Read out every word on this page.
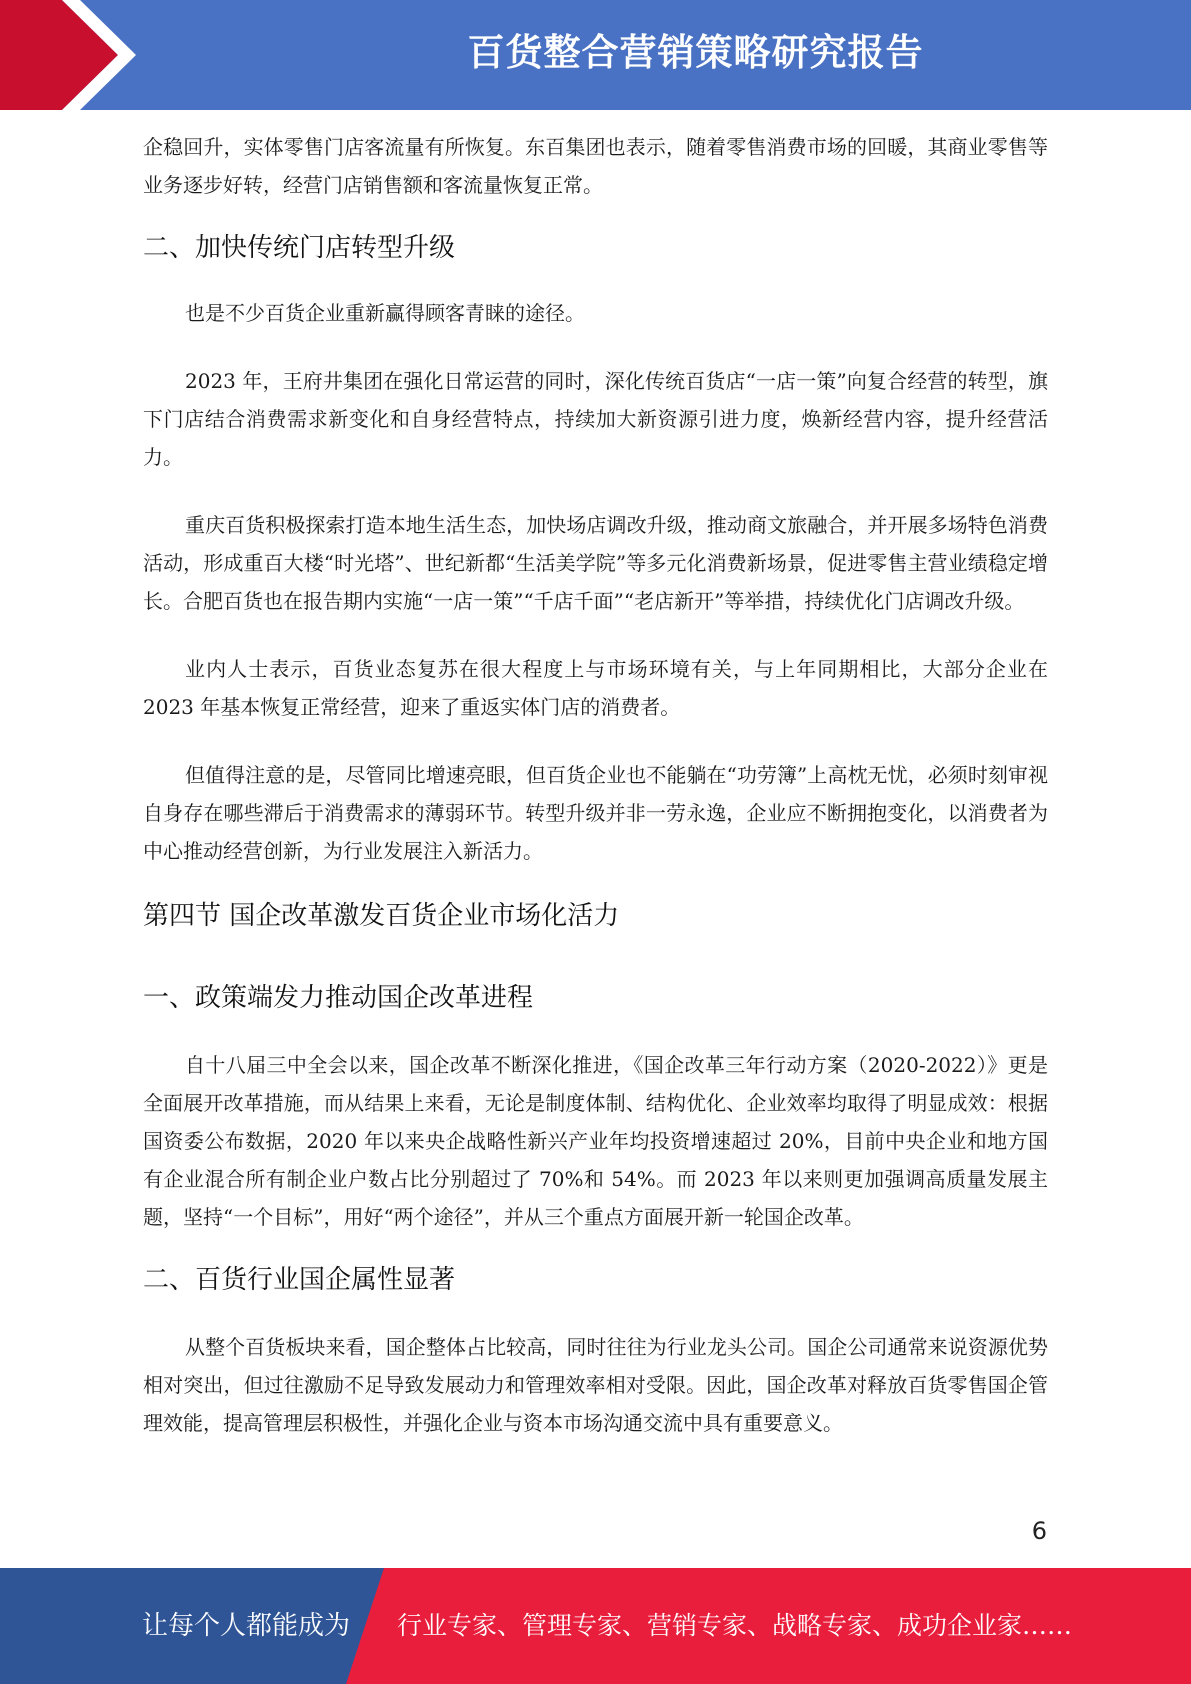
百货整合营销策略研究报告

企稳回升，实体零售门店客流量有所恢复。东百集团也表示，随着零售消费市场的回暖，其商业零售等业务逐步好转，经营门店销售额和客流量恢复正常。

二、加快传统门店转型升级

也是不少百货企业重新赢得顾客青睐的途径。

2023 年，王府井集团在强化日常运营的同时，深化传统百货店“一店一策”向复合经营的转型，旗下门店结合消费需求新变化和自身经营特点，持续加大新资源引进力度，焕新经营内容，提升经营活力。

重庆百货积极探索打造本地生活生态，加快场店调改升级，推动商文旅融合，并开展多场特色消费活动，形成重百大楼“时光塔”、世纪新都“生活美学院”等多元化消费新场景，促进零售主营业绩稳定增长。合肥百货也在报告期内实施“一店一策”“千店千面”“老店新开”等举措，持续优化门店调改升级。

业内人士表示，百货业态复苏在很大程度上与市场环境有关，与上年同期相比，大部分企业在 2023 年基本恢复正常经营，迎来了重返实体门店的消费者。

但值得注意的是，尽管同比增速亮眼，但百货企业也不能躺在“功劳簿”上高枕无忧，必须时刻审视自身存在哪些滞后于消费需求的薄弱环节。转型升级并非一劳永逸，企业应不断拥抱变化，以消费者为中心推动经营创新，为行业发展注入新活力。

第四节 国企改革激发百货企业市场化活力
一、政策端发力推动国企改革进程

自十八届三中全会以来，国企改革不断深化推进，《国企改革三年行动方案（2020-2022）》更是全面展开改革措施，而从结果上来看，无论是制度体制、结构优化、企业效率均取得了明显成效：根据国资委公布数据，2020 年以来央企战略性新兴产业年均投资增速超过 20%，目前中央企业和地方国有企业混合所有制企业户数占比分别超过了 70%和 54%。而 2023 年以来则更加强调高质量发展主题，坚持“一个目标”，用好“两个途径”，并从三个重点方面展开新一轮国企改革。

二、百货行业国企属性显著

从整个百货板块来看，国企整体占比较高，同时往往为行业龙头公司。国企公司通常来说资源优势相对突出，但过往激励不足导致发展动力和管理效率相对受限。因此，国企改革对释放百货零售国企管理效能，提高管理层积极性，并强化企业与资本市场沟通交流中具有重要意义。

6
让每个人都能成为 行业专家、管理专家、营销专家、战略专家、成功企业家……
